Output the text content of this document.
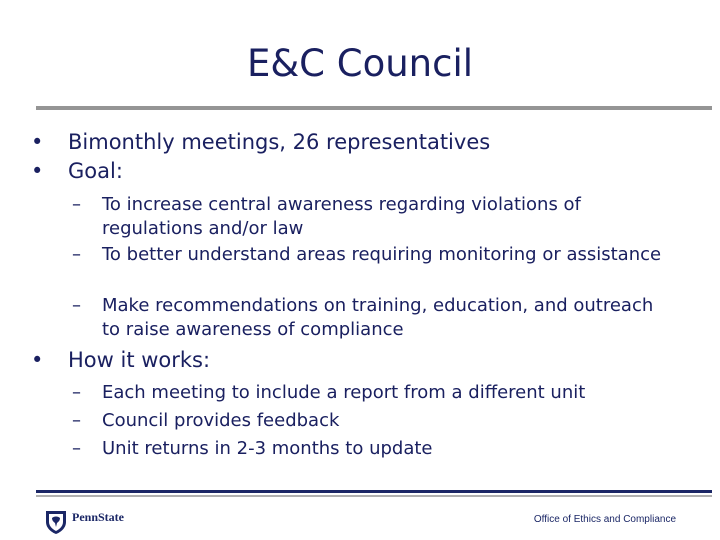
E&C Council
• Bimonthly meetings, 26 representatives
• Goal:
– To increase central awareness regarding violations of regulations and/or law
– To better understand areas requiring monitoring or assistance
– Make recommendations on training, education, and outreach to raise awareness of compliance
• How it works:
– Each meeting to include a report from a different unit
– Council provides feedback
– Unit returns in 2-3 months to update
PennState	Office of Ethics and Compliance
